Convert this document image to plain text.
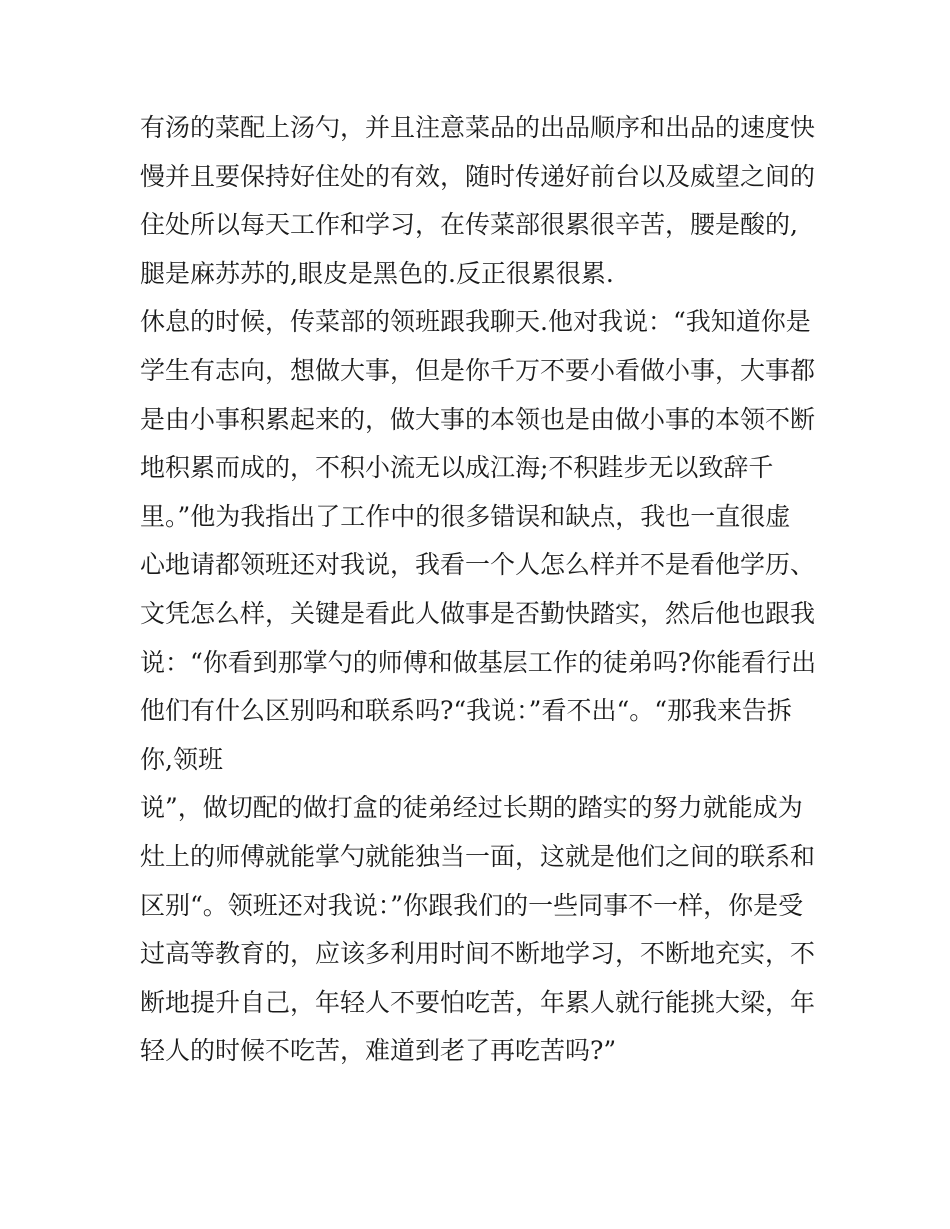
有汤的菜配上汤勺，并且注意菜品的出品顺序和出品的速度快
慢并且要保持好住处的有效，随时传递好前台以及威望之间的
住处所以每天工作和学习，在传菜部很累很辛苦，腰是酸的,
腿是麻苏苏的,眼皮是黑色的.反正很累很累.
休息的时候，传菜部的领班跟我聊天.他对我说：“我知道你是
学生有志向，想做大事，但是你千万不要小看做小事，大事都
是由小事积累起来的，做大事的本领也是由做小事的本领不断
地积累而成的，不积小流无以成江海;不积跬步无以致辞千
里。”他为我指出了工作中的很多错误和缺点，我也一直很虚
心地请都领班还对我说，我看一个人怎么样并不是看他学历、
文凭怎么样，关键是看此人做事是否勤快踏实，然后他也跟我
说：“你看到那掌勺的师傅和做基层工作的徒弟吗?你能看行出
他们有什么区别吗和联系吗?“我说：”看不出“。“那我来告拆
你,领班
说”，做切配的做打盒的徒弟经过长期的踏实的努力就能成为
灶上的师傅就能掌勺就能独当一面，这就是他们之间的联系和
区别“。领班还对我说：”你跟我们的一些同事不一样，你是受
过高等教育的，应该多利用时间不断地学习，不断地充实，不
断地提升自己，年轻人不要怕吃苦，年累人就行能挑大梁，年
轻人的时候不吃苦，难道到老了再吃苦吗?”
